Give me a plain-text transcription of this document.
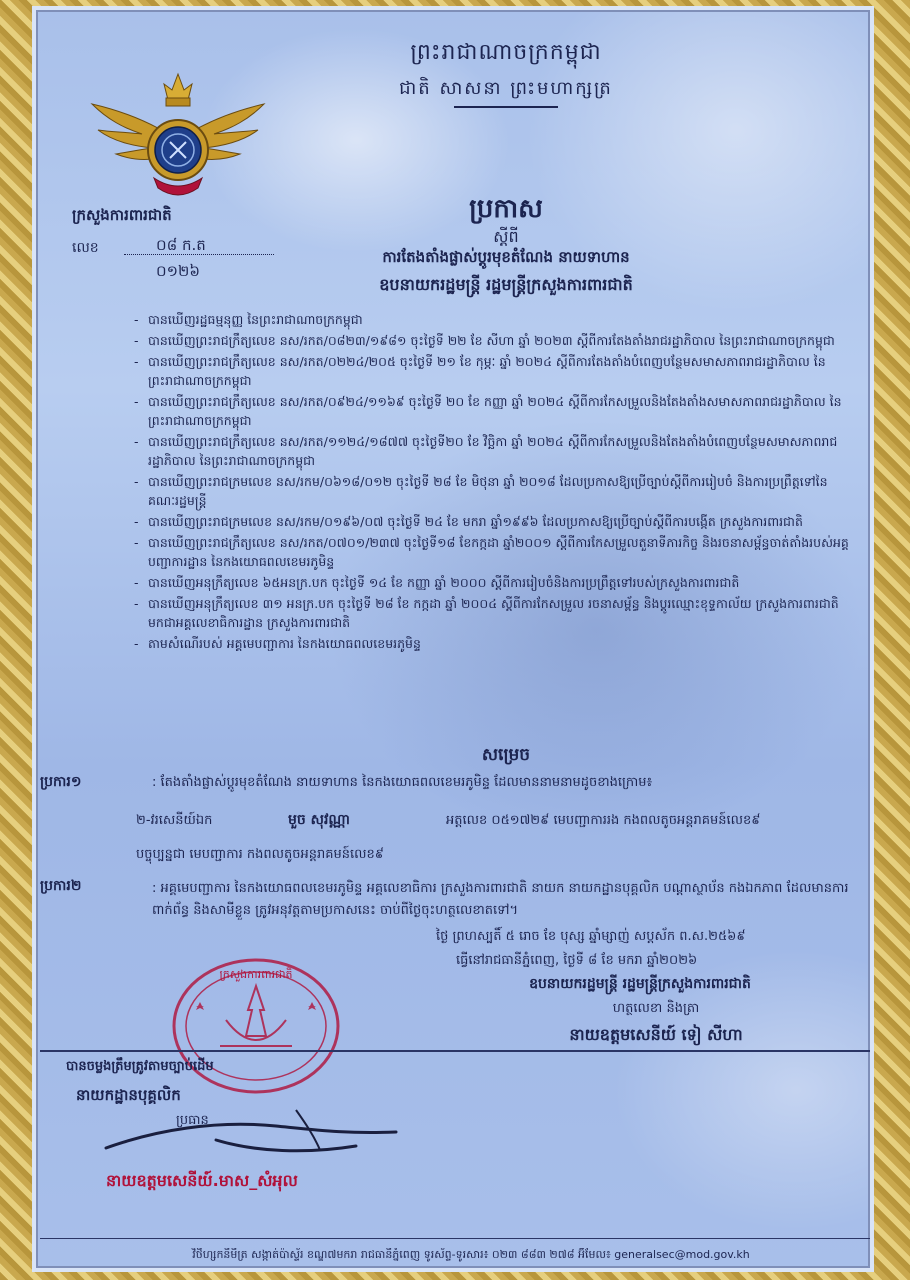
ព្រះរាជាណាចក្រកម្ពុជា
ជាតិ សាសនា ព្រះមហាក្សត្រ
ក្រសួងការពារជាតិ
លេខ	០៨ ក.ត
០១២៦
ប្រកាស
ស្តីពី
ការតែងតាំងផ្លាស់ប្តូរមុខតំណែង នាយទាហាន
ឧបនាយករដ្ឋមន្ត្រី រដ្ឋមន្ត្រីក្រសួងការពារជាតិ
- បានឃើញរដ្ឋធម្មនុញ្ញ នៃព្រះរាជាណាចក្រកម្ពុជា
- បានឃើញព្រះរាជក្រឹត្យលេខ នស/រកត/០៨២៣/១៩៨១ ចុះថ្ងៃទី ២២ ខែ សីហា ឆ្នាំ ២០២៣ ស្តីពីការតែងតាំងរាជរដ្ឋាភិបាល នៃព្រះរាជាណាចក្រកម្ពុជា
- បានឃើញព្រះរាជក្រឹត្យលេខ នស/រកត/០២២៤/២០៥ ចុះថ្ងៃទី ២១ ខែ កុម្ភៈ ឆ្នាំ ២០២៤ ស្តីពីការតែងតាំងបំពេញបន្ថែមសមាសភាពរាជរដ្ឋាភិបាល នៃព្រះរាជាណាចក្រកម្ពុជា
- បានឃើញព្រះរាជក្រឹត្យលេខ នស/រកត/០៩២៤/១១៦៩ ចុះថ្ងៃទី ២០ ខែ កញ្ញា ឆ្នាំ ២០២៤ ស្តីពីការកែសម្រួលនិងតែងតាំងសមាសភាពរាជរដ្ឋាភិបាល នៃព្រះរាជាណាចក្រកម្ពុជា
- បានឃើញព្រះរាជក្រឹត្យលេខ នស/រកត/១១២៤/១៨៧៧ ចុះថ្ងៃទី២០ ខែ វិច្ឆិកា ឆ្នាំ ២០២៤ ស្តីពីការកែសម្រួលនិងតែងតាំងបំពេញបន្ថែមសមាសភាពរាជរដ្ឋាភិបាល នៃព្រះរាជាណាចក្រកម្ពុជា
- បានឃើញព្រះរាជក្រមលេខ នស/រកម/០៦១៨/០១២ ចុះថ្ងៃទី ២៨ ខែ មិថុនា ឆ្នាំ ២០១៨ ដែលប្រកាសឱ្យប្រើច្បាប់ស្តីពីការរៀបចំ និងការប្រព្រឹត្តទៅនៃគណៈរដ្ឋមន្ត្រី
- បានឃើញព្រះរាជក្រមលេខ នស/រកម/០១៩៦/០៧ ចុះថ្ងៃទី ២៤ ខែ មករា ឆ្នាំ១៩៩៦ ដែលប្រកាសឱ្យប្រើច្បាប់ស្តីពីការបង្កើត ក្រសួងការពារជាតិ
- បានឃើញព្រះរាជក្រឹត្យលេខ នស/រកត/០៧០១/២៣៧ ចុះថ្ងៃទី១៨ ខែកក្កដា ឆ្នាំ២០០១ ស្តីពីការកែសម្រួលតួនាទីភារកិច្ច និងរចនាសម្ព័ន្ធចាត់តាំងរបស់អគ្គបញ្ជាការដ្ឋាន នៃកងយោធពលខេមរភូមិន្ទ
- បានឃើញអនុក្រឹត្យលេខ ៦៥អនក្រ.បក ចុះថ្ងៃទី ១៤ ខែ កញ្ញា ឆ្នាំ ២០០០ ស្តីពីការរៀបចំនិងការប្រព្រឹត្តទៅរបស់ក្រសួងការពារជាតិ
- បានឃើញអនុក្រឹត្យលេខ ៣១ អនក្រ.បក ចុះថ្ងៃទី ២៨ ខែ កក្កដា ឆ្នាំ ២០០៤ ស្តីពីការកែសម្រួល រចនាសម្ព័ន្ធ និងប្តូរឈ្មោះខុទ្ទកាល័យ ក្រសួងការពារជាតិ មកជាអគ្គលេខាធិការដ្ឋាន ក្រសួងការពារជាតិ
- តាមសំណើរបស់ អគ្គមេបញ្ជាការ នៃកងយោធពលខេមរភូមិន្ទ
សម្រេច
ប្រការ១	: តែងតាំងផ្លាស់ប្តូរមុខតំណែង នាយទាហាន នៃកងយោធពលខេមរភូមិន្ទ ដែលមាននាមនាមដូចខាងក្រោម៖
២-វរសេនីយ៍ឯក	មួច សុវណ្ណា	អត្តលេខ ០៥១៧២៩ មេបញ្ជាការរង កងពលតូចអន្តរាគមន៍លេខ៩
បច្ចុប្បន្នជា មេបញ្ជាការ កងពលតូចអន្តរាគមន៍លេខ៩
ប្រការ២	: អគ្គមេបញ្ជាការ នៃកងយោធពលខេមរភូមិន្ទ អគ្គលេខាធិការ ក្រសួងការពារជាតិ នាយក នាយកដ្ឋានបុគ្គលិក បណ្តាស្ថាប័ន កងឯកភាព ដែលមានការពាក់ព័ន្ធ និងសាមីខ្លួន ត្រូវអនុវត្តតាមប្រកាសនេះ ចាប់ពីថ្ងៃចុះហត្ថលេខាតទៅ។
ថ្ងៃ ព្រហស្បតិ៍ ៥ រោច ខែ បុស្ស ឆ្នាំម្សាញ់ សប្តស័ក ព.ស.២៥៦៩
ធ្វើនៅរាជធានីភ្នំពេញ, ថ្ងៃទី ៨ ខែ មករា ឆ្នាំ២០២៦
ឧបនាយករដ្ឋមន្ត្រី រដ្ឋមន្ត្រីក្រសួងការពារជាតិ
ហត្ថលេខា និងត្រា
នាយឧត្តមសេនីយ៍ ទៀ សីហា
ក្រសួងការពារជាតិ
បានចម្លងត្រឹមត្រូវតាមច្បាប់ដើម
នាយកដ្ឋានបុគ្គលិក
ប្រធាន
នាយឧត្តមសេនីយ៍.មាស_សំអុល
វិថីហ្សកនីមីត្រ សង្កាត់ប៉ាស្ទ័រ ខណ្ឌ៧មករា រាជធានីភ្នំពេញ ទូរស័ព្ទ-ទូរសារ៖ ០២៣ ៨៨៣ ២៧៨ អ៊ីមែល៖ generalsec@mod.gov.kh
